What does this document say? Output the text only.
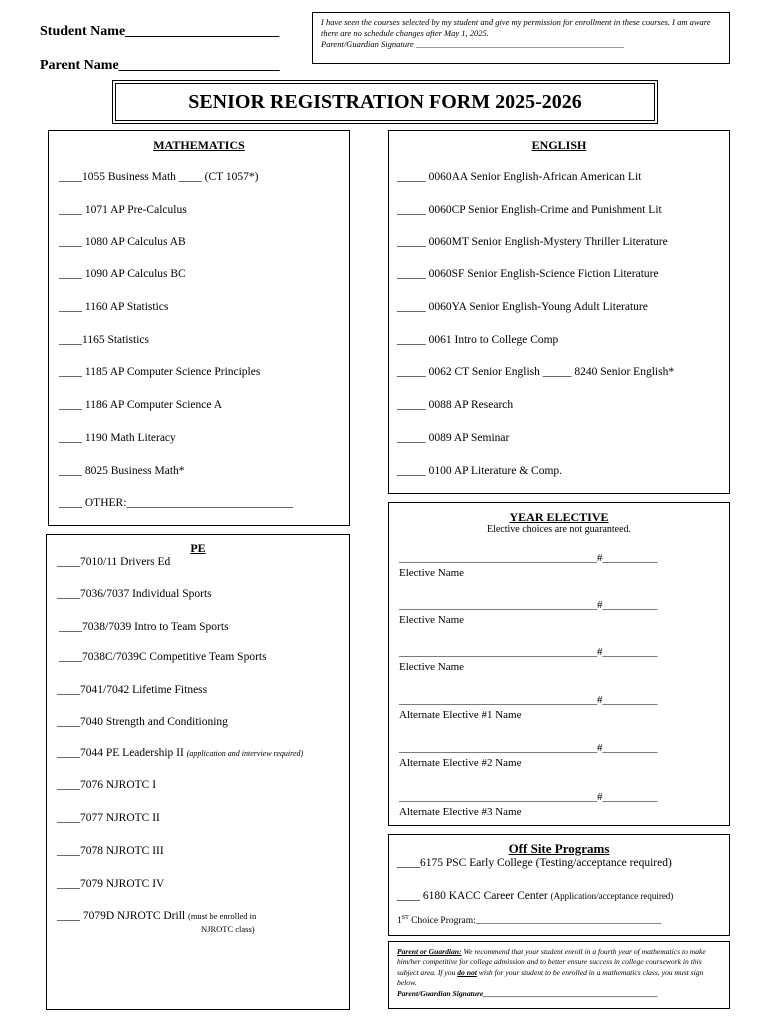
Student Name______________________
Parent Name_______________________
I have seen the courses selected by my student and give my permission for enrollment in these courses. I am aware there are no schedule changes after May 1, 2025.
Parent/Guardian Signature _________________________________________________
SENIOR REGISTRATION FORM 2025-2026
MATHEMATICS
____1055 Business Math ____ (CT 1057*)
____ 1071 AP Pre-Calculus
____ 1080 AP Calculus AB
____ 1090 AP Calculus BC
____ 1160 AP Statistics
____1165 Statistics
____ 1185 AP Computer Science Principles
____ 1186 AP Computer Science A
____ 1190 Math Literacy
____ 8025 Business Math*
____ OTHER:_____________________________
ENGLISH
_____ 0060AA Senior English-African American Lit
_____ 0060CP Senior English-Crime and Punishment Lit
_____ 0060MT Senior English-Mystery Thriller Literature
_____ 0060SF Senior English-Science Fiction Literature
_____ 0060YA Senior English-Young Adult Literature
_____ 0061 Intro to College Comp
_____ 0062 CT Senior English _____ 8240 Senior English*
_____ 0088 AP Research
_____ 0089 AP Seminar
_____ 0100 AP Literature & Comp.
PE
____7010/11 Drivers Ed
____7036/7037 Individual Sports
____7038/7039 Intro to Team Sports
____7038C/7039C Competitive Team Sports
____7041/7042 Lifetime Fitness
____7040 Strength and Conditioning
____7044 PE Leadership II (application and interview required)
____7076 NJROTC I
____7077 NJROTC II
____7078 NJROTC III
____7079 NJROTC IV
____ 7079D NJROTC Drill (must be enrolled in
NJROTC class)
YEAR ELECTIVE
Elective choices are not guaranteed.
____________________________________#__________
Elective Name
____________________________________#__________
Elective Name
____________________________________#__________
Elective Name
____________________________________#__________
Alternate Elective #1 Name
____________________________________#__________
Alternate Elective #2 Name
____________________________________#__________
Alternate Elective #3 Name
Off Site Programs
____6175 PSC Early College (Testing/acceptance required)
____ 6180 KACC Career Center (Application/acceptance required)
1ST Choice Program:_______________________________________
Parent or Guardian: We recommend that your student enroll in a fourth year of mathematics to make him/her competitive for college admission and to better ensure success in college coursework in this subject area. If you do not wish for your student to be enrolled in a mathematics class, you must sign below.
Parent/Guardian Signature______________________________________________
